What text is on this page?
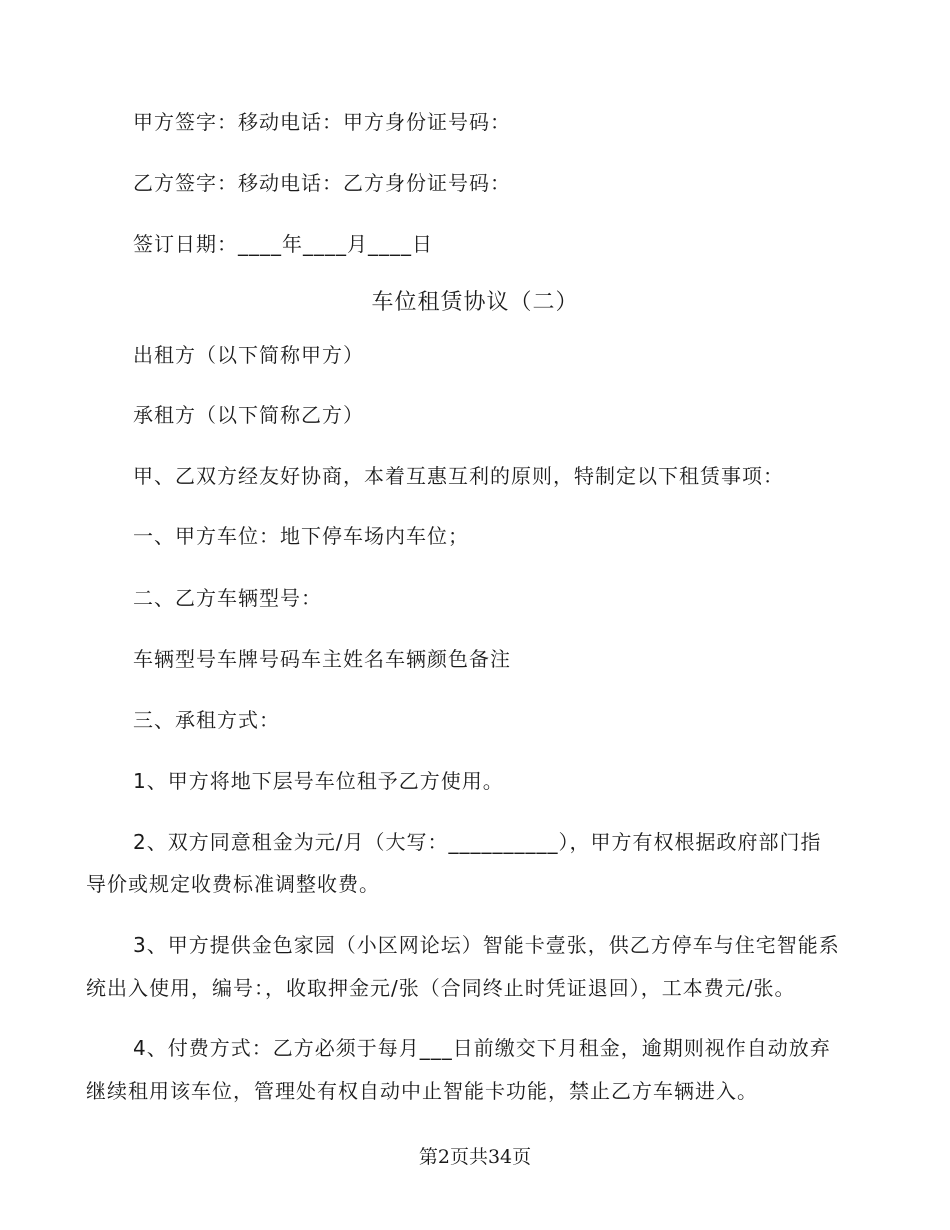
甲方签字：移动电话：甲方身份证号码：
乙方签字：移动电话：乙方身份证号码：
签订日期：____年____月____日
车位租赁协议（二）
出租方（以下简称甲方）
承租方（以下简称乙方）
甲、乙双方经友好协商，本着互惠互利的原则，特制定以下租赁事项：
一、甲方车位：地下停车场内车位；
二、乙方车辆型号：
车辆型号车牌号码车主姓名车辆颜色备注
三、承租方式：
1、甲方将地下层号车位租予乙方使用。
2、双方同意租金为元/月（大写：__________），甲方有权根据政府部门指
导价或规定收费标准调整收费。
3、甲方提供金色家园（小区网论坛）智能卡壹张，供乙方停车与住宅智能系
统出入使用，编号：，收取押金元/张（合同终止时凭证退回），工本费元/张。
4、付费方式：乙方必须于每月___日前缴交下月租金，逾期则视作自动放弃
继续租用该车位，管理处有权自动中止智能卡功能，禁止乙方车辆进入。
第2页共34页
